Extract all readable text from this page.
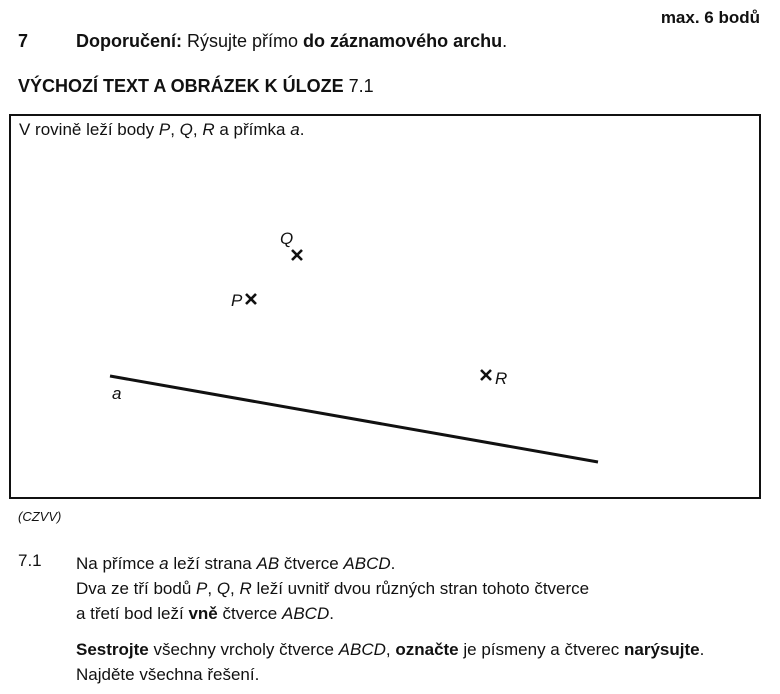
max. 6 bodů
7	Doporučení: Rýsujte přímo do záznamového archu.
VÝCHOZÍ TEXT A OBRÁZEK K ÚLOZE 7.1
V rovině leží body P, Q, R a přímka a.
a
Q
P
R
(CZVV)
7.1 Na přímce a leží strana AB čtverce ABCD.

Dva ze tří bodů P, Q, R leží uvnitř dvou různých stran tohoto čtverce

a třetí bod leží vně čtverce ABCD.

Sestrojte všechny vrcholy čtverce ABCD, označte je písmeny a čtverec narýsujte.

Najděte všechna řešení.
